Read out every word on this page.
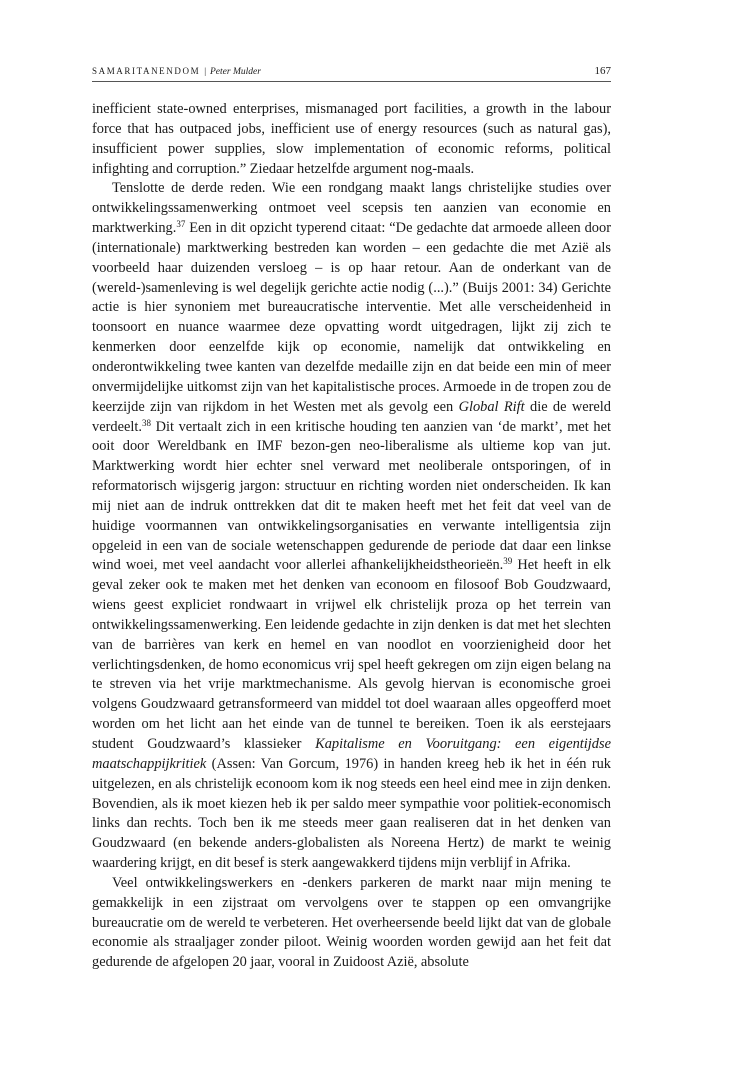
SAMARITANENDOM | Peter Mulder	167

inefficient state-owned enterprises, mismanaged port facilities, a growth in the labour force that has outpaced jobs, inefficient use of energy resources (such as natural gas), insufficient power supplies, slow implementation of economic reforms, political infighting and corruption.” Ziedaar hetzelfde argument nog-maals.

Tenslotte de derde reden. Wie een rondgang maakt langs christelijke studies over ontwikkelingssamenwerking ontmoet veel scepsis ten aanzien van economie en marktwerking.$^{37}$ Een in dit opzicht typerend citaat: “De gedachte dat armoede alleen door (internationale) marktwerking bestreden kan worden – een gedachte die met Azië als voorbeeld haar duizenden versloeg – is op haar retour. Aan de onderkant van de (wereld-)samenleving is wel degelijk gerichte actie nodig (...).” (Buijs 2001: 34) Gerichte actie is hier synoniem met bureaucratische interventie. Met alle verscheidenheid in toonsoort en nuance waarmee deze opvatting wordt uitgedragen, lijkt zij zich te kenmerken door eenzelfde kijk op economie, namelijk dat ontwikkeling en onderontwikkeling twee kanten van dezelfde medaille zijn en dat beide een min of meer onvermijdelijke uitkomst zijn van het kapitalistische proces. Armoede in de tropen zou de keerzijde zijn van rijkdom in het Westen met als gevolg een Global Rift die de wereld verdeelt.$^{38}$ Dit vertaalt zich in een kritische houding ten aanzien van ‘de markt’, met het ooit door Wereldbank en IMF bezon-gen neo-liberalisme als ultieme kop van jut. Marktwerking wordt hier echter snel verward met neoliberale ontsporingen, of in reformatorisch wijsgerig jargon: structuur en richting worden niet onderscheiden. Ik kan mij niet aan de indruk onttrekken dat dit te maken heeft met het feit dat veel van de huidige voormannen van ontwikkelingsorganisaties en verwante intelligentsia zijn opgeleid in een van de sociale wetenschappen gedurende de periode dat daar een linkse wind woei, met veel aandacht voor allerlei afhankelijkheidstheorieën.$^{39}$ Het heeft in elk geval zeker ook te maken met het denken van econoom en filosoof Bob Goudzwaard, wiens geest expliciet rondwaart in vrijwel elk christelijk proza op het terrein van ontwikkelingssamenwerking. Een leidende gedachte in zijn denken is dat met het slechten van de barrières van kerk en hemel en van noodlot en voorzienigheid door het verlichtingsdenken, de homo economicus vrij spel heeft gekregen om zijn eigen belang na te streven via het vrije marktmechanisme. Als gevolg hiervan is economische groei volgens Goudzwaard getransformeerd van middel tot doel waaraan alles opgeofferd moet worden om het licht aan het einde van de tunnel te bereiken. Toen ik als eerstejaars student Goudzwaard’s klassieker Kapitalisme en Vooruitgang: een eigentijdse maatschappijkritiek (Assen: Van Gorcum, 1976) in handen kreeg heb ik het in één ruk uitgelezen, en als christelijk econoom kom ik nog steeds een heel eind mee in zijn denken. Bovendien, als ik moet kiezen heb ik per saldo meer sympathie voor politiek-economisch links dan rechts. Toch ben ik me steeds meer gaan realiseren dat in het denken van Goudzwaard (en bekende anders-globalisten als Noreena Hertz) de markt te weinig waardering krijgt, en dit besef is sterk aangewakkerd tijdens mijn verblijf in Afrika.

Veel ontwikkelingswerkers en -denkers parkeren de markt naar mijn mening te gemakkelijk in een zijstraat om vervolgens over te stappen op een omvangrijke bureaucratie om de wereld te verbeteren. Het overheersende beeld lijkt dat van de globale economie als straaljager zonder piloot. Weinig woorden worden gewijd aan het feit dat gedurende de afgelopen 20 jaar, vooral in Zuidoost Azië, absolute
